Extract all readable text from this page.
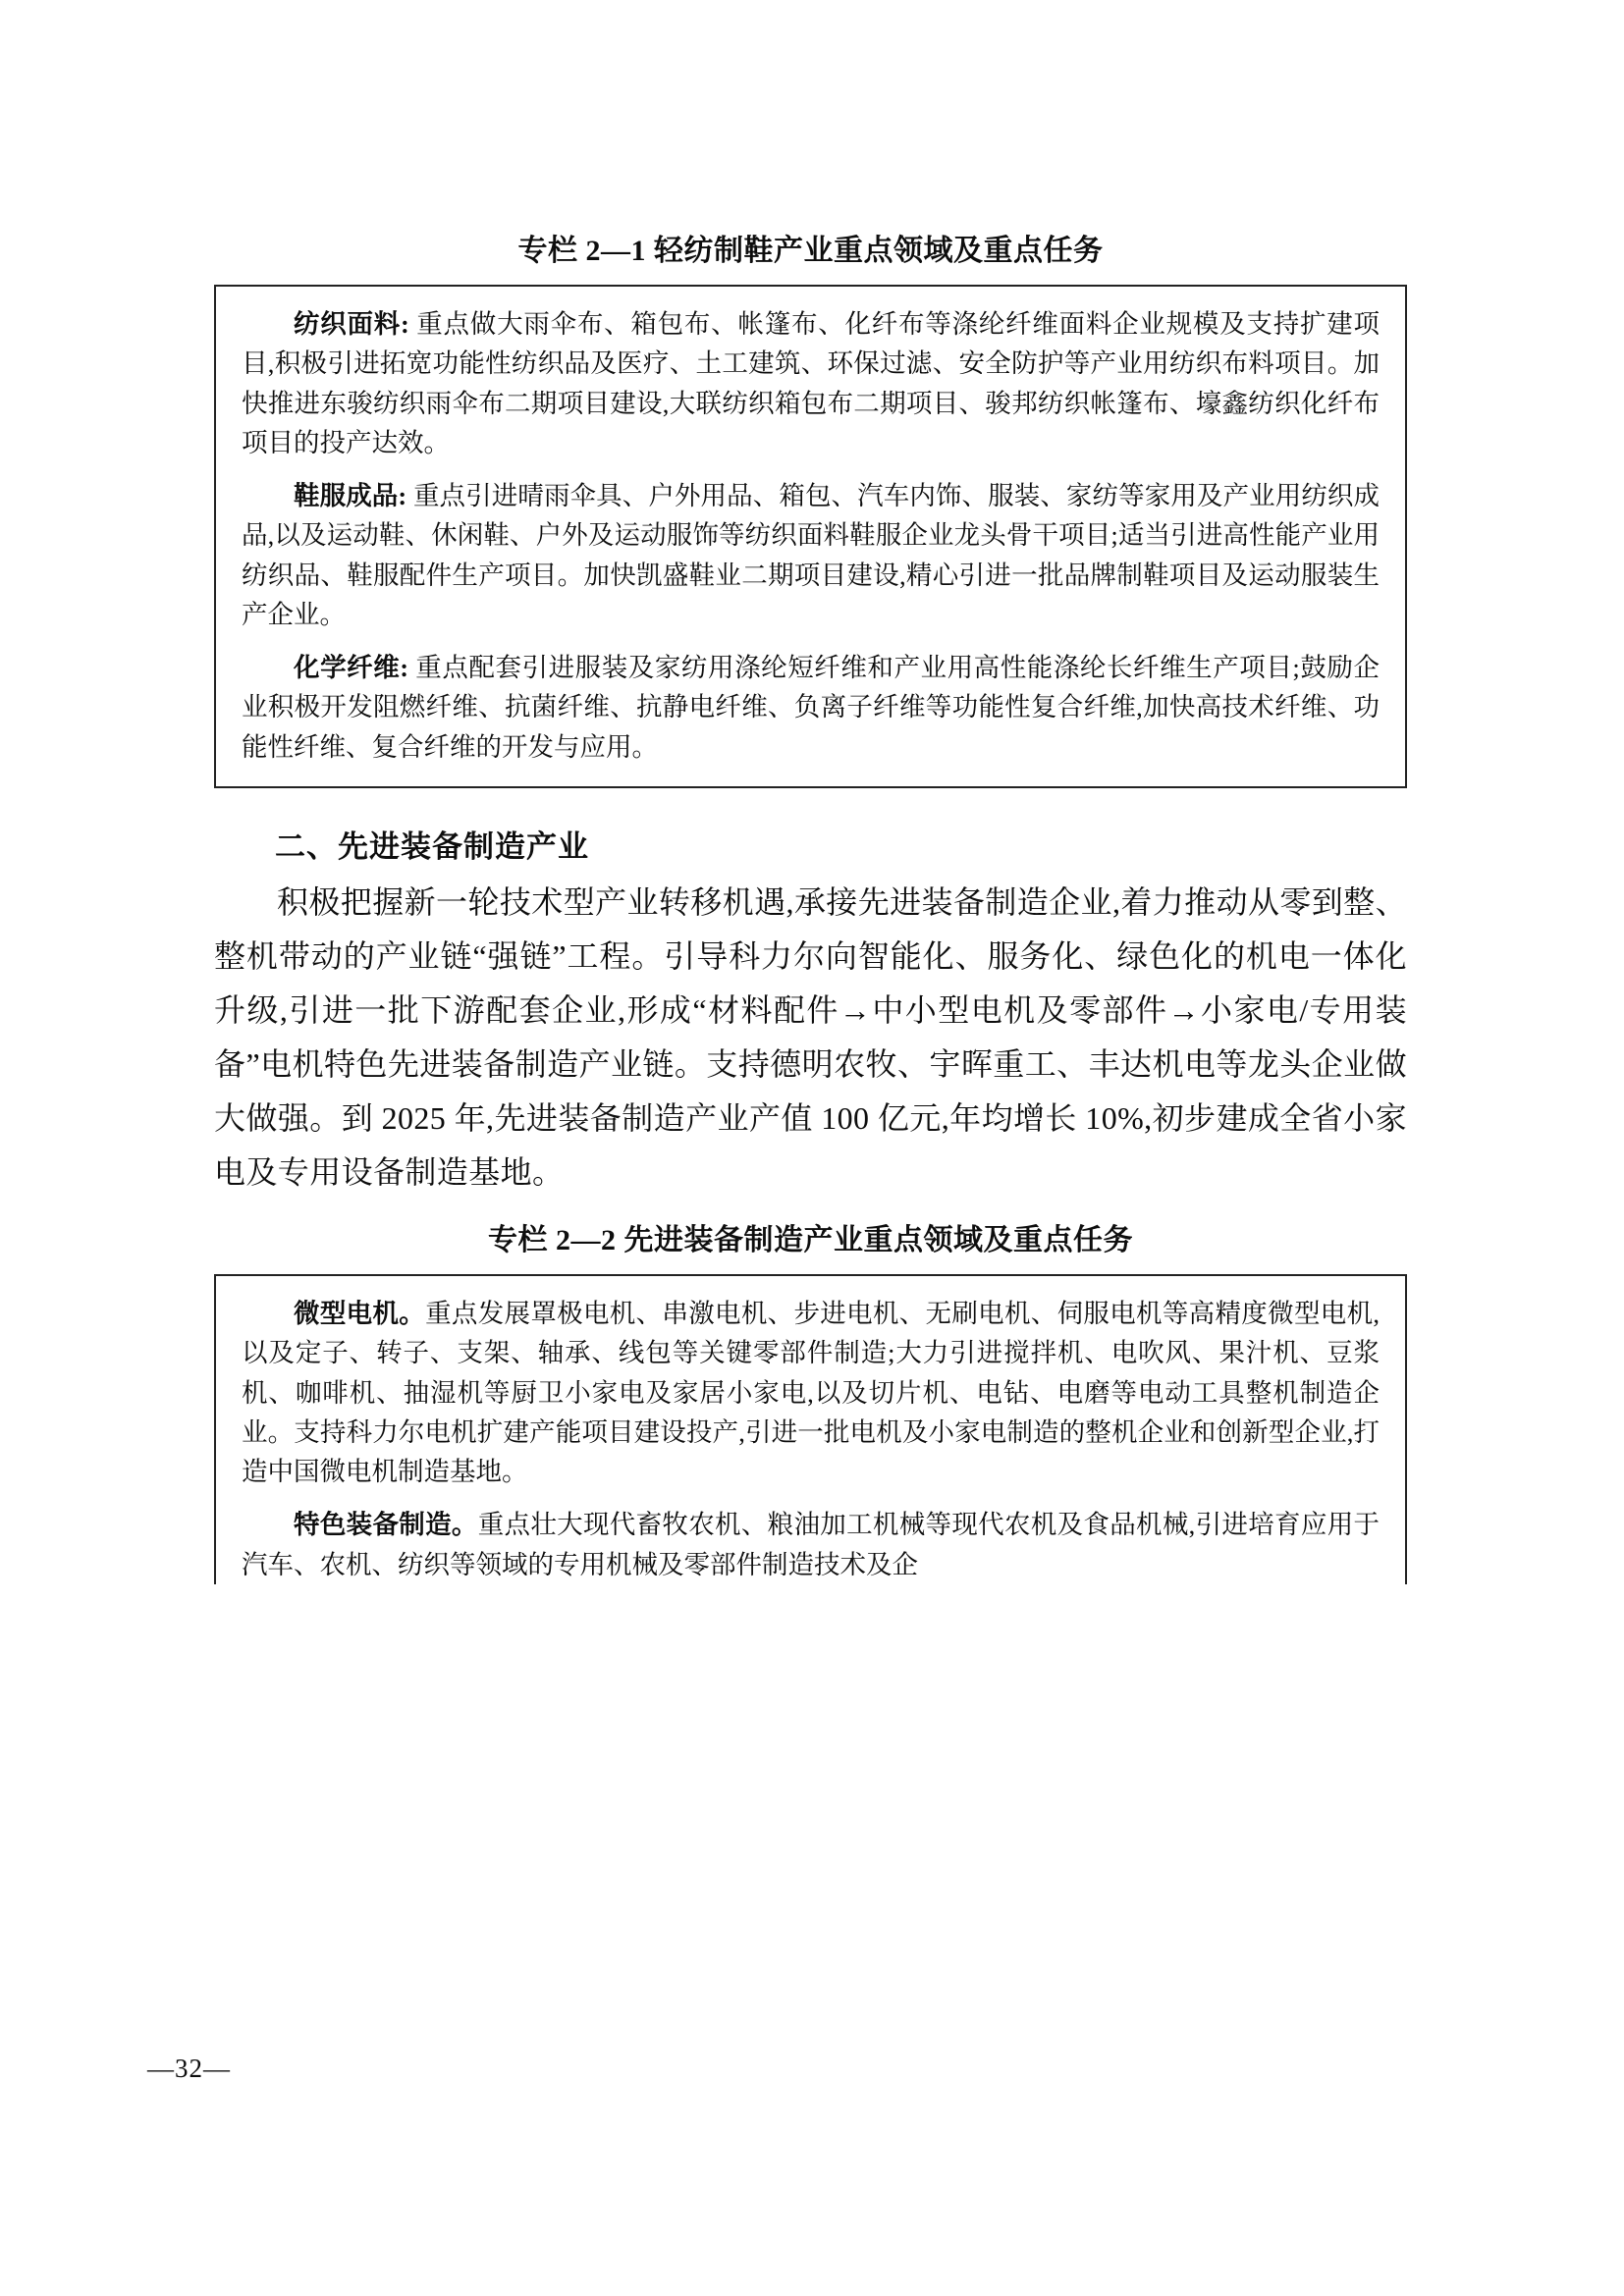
专栏 2—1 轻纺制鞋产业重点领域及重点任务

纺织面料: 重点做大雨伞布、箱包布、帐篷布、化纤布等涤纶纤维面料企业规模及支持扩建项目,积极引进拓宽功能性纺织品及医疗、土工建筑、环保过滤、安全防护等产业用纺织布料项目。加快推进东骏纺织雨伞布二期项目建设,大联纺织箱包布二期项目、骏邦纺织帐篷布、壕鑫纺织化纤布项目的投产达效。

鞋服成品: 重点引进晴雨伞具、户外用品、箱包、汽车内饰、服装、家纺等家用及产业用纺织成品,以及运动鞋、休闲鞋、户外及运动服饰等纺织面料鞋服企业龙头骨干项目;适当引进高性能产业用纺织品、鞋服配件生产项目。加快凯盛鞋业二期项目建设,精心引进一批品牌制鞋项目及运动服装生产企业。

化学纤维: 重点配套引进服装及家纺用涤纶短纤维和产业用高性能涤纶长纤维生产项目;鼓励企业积极开发阻燃纤维、抗菌纤维、抗静电纤维、负离子纤维等功能性复合纤维,加快高技术纤维、功能性纤维、复合纤维的开发与应用。

二、先进装备制造产业
积极把握新一轮技术型产业转移机遇,承接先进装备制造企业,着力推动从零到整、整机带动的产业链“强链”工程。引导科力尔向智能化、服务化、绿色化的机电一体化升级,引进一批下游配套企业,形成“材料配件→中小型电机及零部件→小家电/专用装备”电机特色先进装备制造产业链。支持德明农牧、宇晖重工、丰达机电等龙头企业做大做强。到 2025 年,先进装备制造产业产值 100 亿元,年均增长 10%,初步建成全省小家电及专用设备制造基地。
专栏 2—2 先进装备制造产业重点领域及重点任务

微型电机。重点发展罩极电机、串激电机、步进电机、无刷电机、伺服电机等高精度微型电机,以及定子、转子、支架、轴承、线包等关键零部件制造;大力引进搅拌机、电吹风、果汁机、豆浆机、咖啡机、抽湿机等厨卫小家电及家居小家电,以及切片机、电钻、电磨等电动工具整机制造企业。支持科力尔电机扩建产能项目建设投产,引进一批电机及小家电制造的整机企业和创新型企业,打造中国微电机制造基地。

特色装备制造。重点壮大现代畜牧农机、粮油加工机械等现代农机及食品机械,引进培育应用于汽车、农机、纺织等领域的专用机械及零部件制造技术及企

—32—
